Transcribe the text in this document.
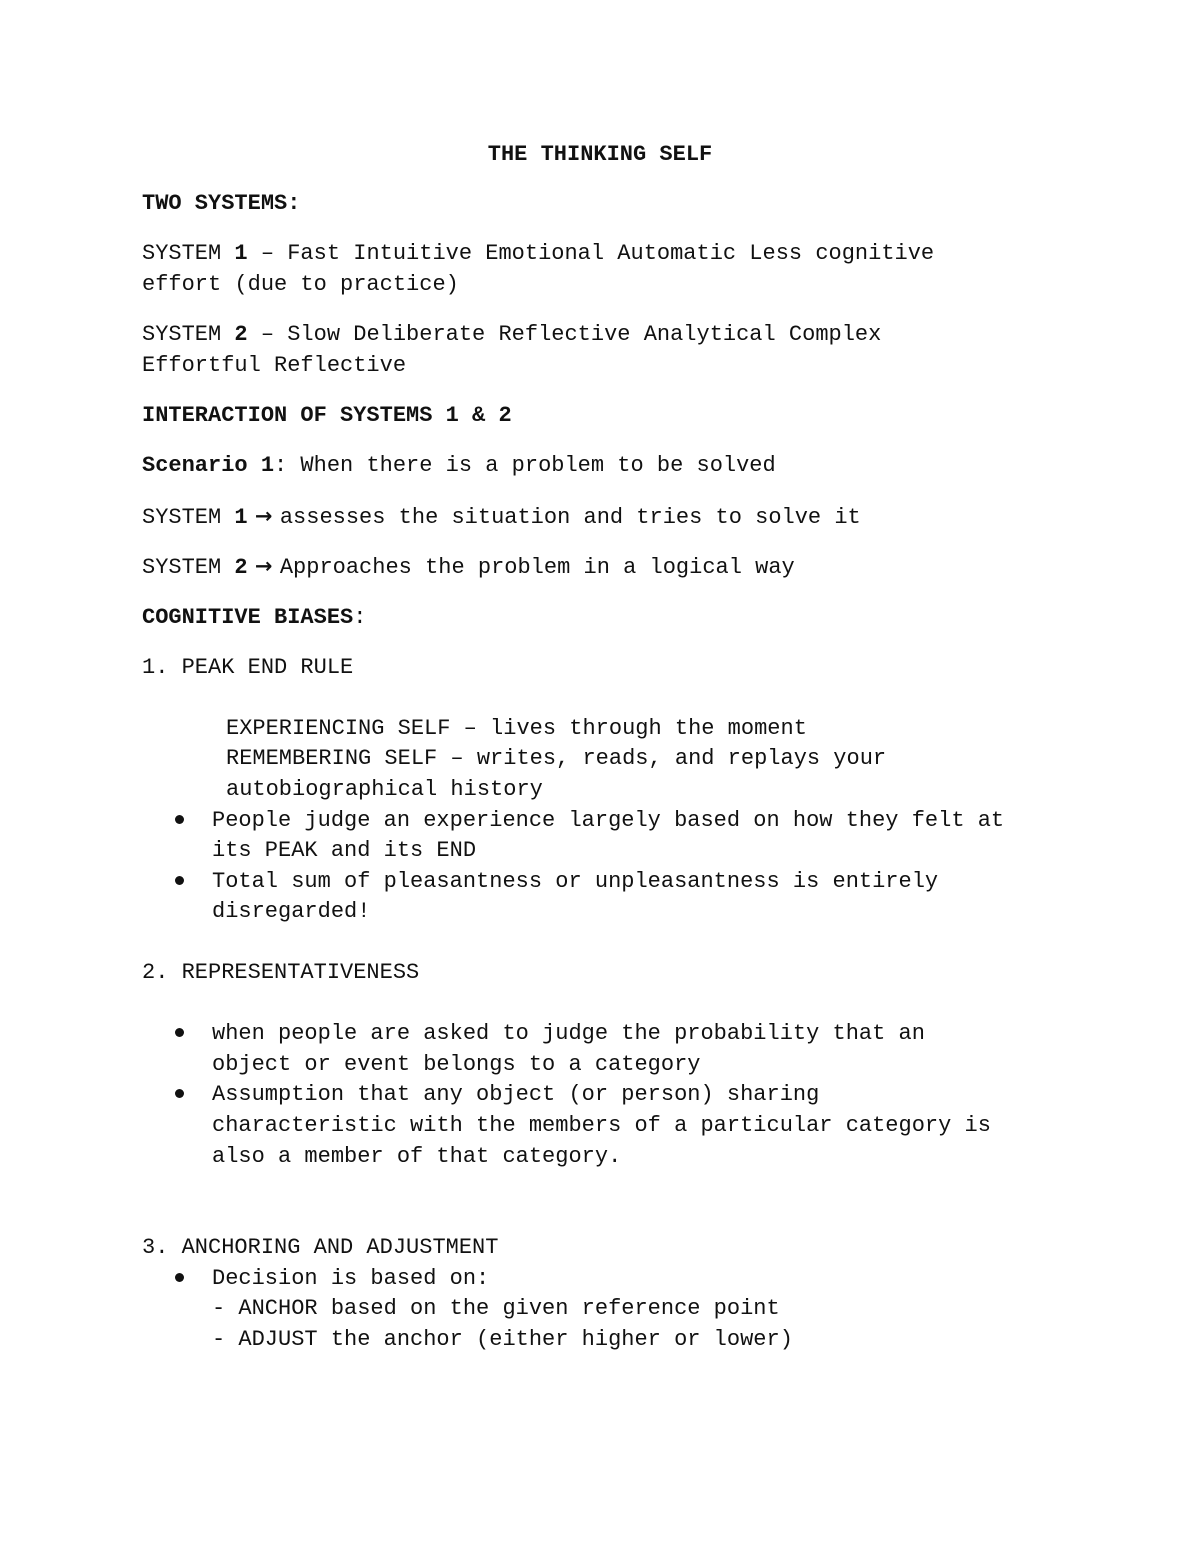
THE THINKING SELF
TWO SYSTEMS:
SYSTEM 1 – Fast Intuitive Emotional Automatic Less cognitive
effort (due to practice)
SYSTEM 2 – Slow Deliberate Reflective Analytical Complex
Effortful Reflective
INTERACTION OF SYSTEMS 1 & 2
Scenario 1: When there is a problem to be solved
SYSTEM 1 → assesses the situation and tries to solve it
SYSTEM 2 → Approaches the problem in a logical way
COGNITIVE BIASES:
1. PEAK END RULE
EXPERIENCING SELF – lives through the moment
REMEMBERING SELF – writes, reads, and replays your
autobiographical history
People judge an experience largely based on how they felt at
its PEAK and its END
Total sum of pleasantness or unpleasantness is entirely
disregarded!
2. REPRESENTATIVENESS
when people are asked to judge the probability that an
object or event belongs to a category
Assumption that any object (or person) sharing
characteristic with the members of a particular category is
also a member of that category.
3. ANCHORING AND ADJUSTMENT
Decision is based on:
- ANCHOR based on the given reference point
- ADJUST the anchor (either higher or lower)
